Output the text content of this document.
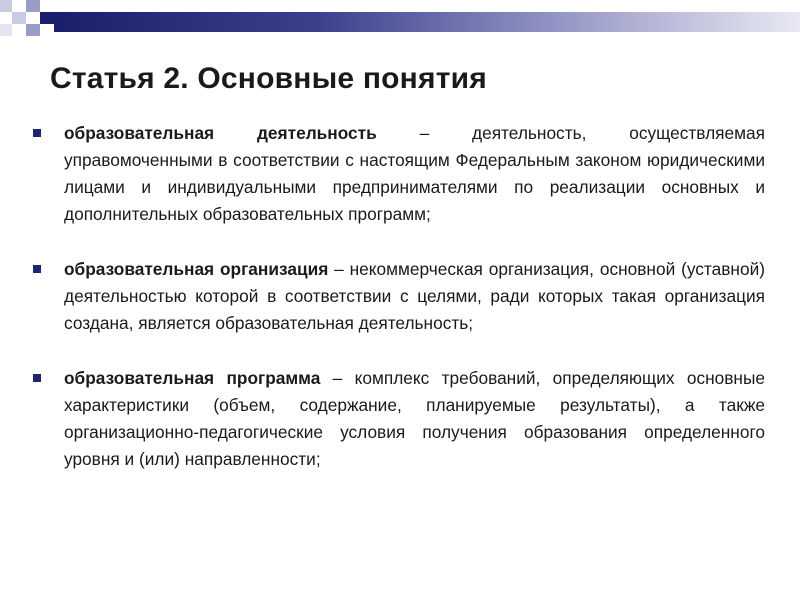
Статья 2. Основные понятия
образовательная деятельность – деятельность, осуществляемая управомоченными в соответствии с настоящим Федеральным законом юридическими лицами и индивидуальными предпринимателями по реализации основных и дополнительных образовательных программ;
образовательная организация – некоммерческая организация, основной (уставной) деятельностью которой в соответствии с целями, ради которых такая организация создана, является образовательная деятельность;
образовательная программа – комплекс требований, определяющих основные характеристики (объем, содержание, планируемые результаты), а также организационно-педагогические условия получения образования определенного уровня и (или) направленности;
